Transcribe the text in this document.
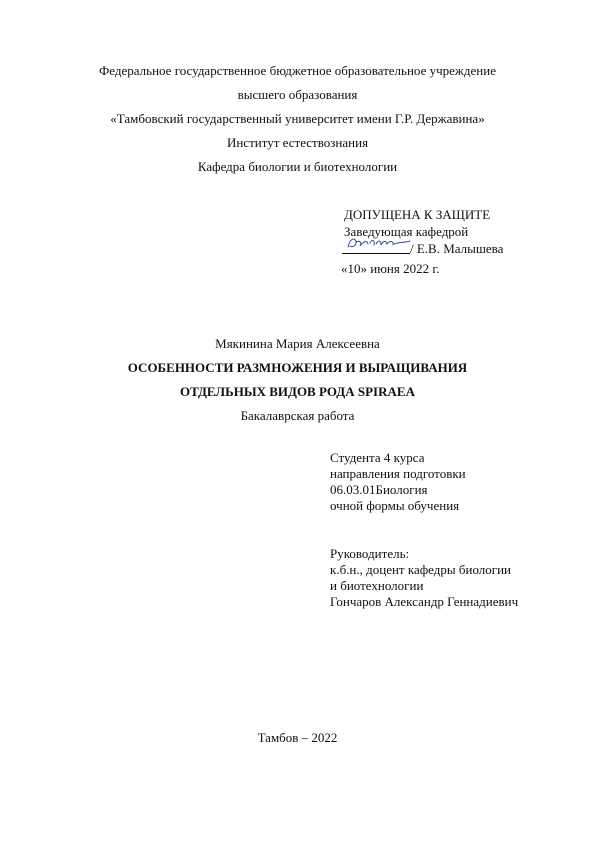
Федеральное государственное бюджетное образовательное учреждение
высшего образования
«Тамбовский государственный университет имени Г.Р. Державина»
Институт естествознания
Кафедра биологии и биотехнологии
ДОПУЩЕНА К ЗАЩИТЕ
Заведующая кафедрой
/ Е.В. Малышева
«10» июня 2022 г.
Мякинина Мария Алексеевна
ОСОБЕННОСТИ РАЗМНОЖЕНИЯ И ВЫРАЩИВАНИЯ
ОТДЕЛЬНЫХ ВИДОВ РОДА SPIRAEA
Бакалаврская работа
Студента 4 курса
направления подготовки
06.03.01Биология
очной формы обучения
Руководитель:
к.б.н., доцент кафедры биологии
и биотехнологии
Гончаров Александр Геннадиевич
Тамбов – 2022
